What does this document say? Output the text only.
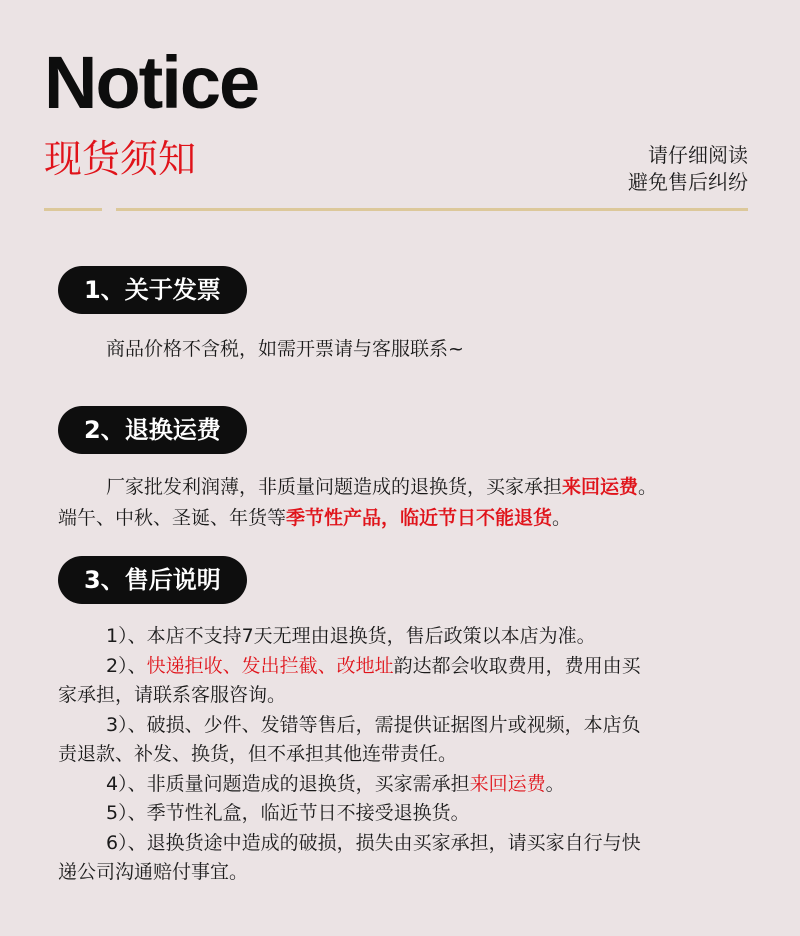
Notice
现货须知	请仔细阅读
避免售后纠纷
1、关于发票
商品价格不含税，如需开票请与客服联系~
2、退换运费
厂家批发利润薄，非质量问题造成的退换货，买家承担来回运费。
端午、中秋、圣诞、年货等季节性产品，临近节日不能退货。
3、售后说明
1）、本店不支持7天无理由退换货，售后政策以本店为准。
2）、快递拒收、发出拦截、改地址韵达都会收取费用，费用由买
家承担，请联系客服咨询。
3）、破损、少件、发错等售后，需提供证据图片或视频，本店负
责退款、补发、换货，但不承担其他连带责任。
4）、非质量问题造成的退换货，买家需承担来回运费。
5）、季节性礼盒，临近节日不接受退换货。
6）、退换货途中造成的破损，损失由买家承担，请买家自行与快
递公司沟通赔付事宜。
